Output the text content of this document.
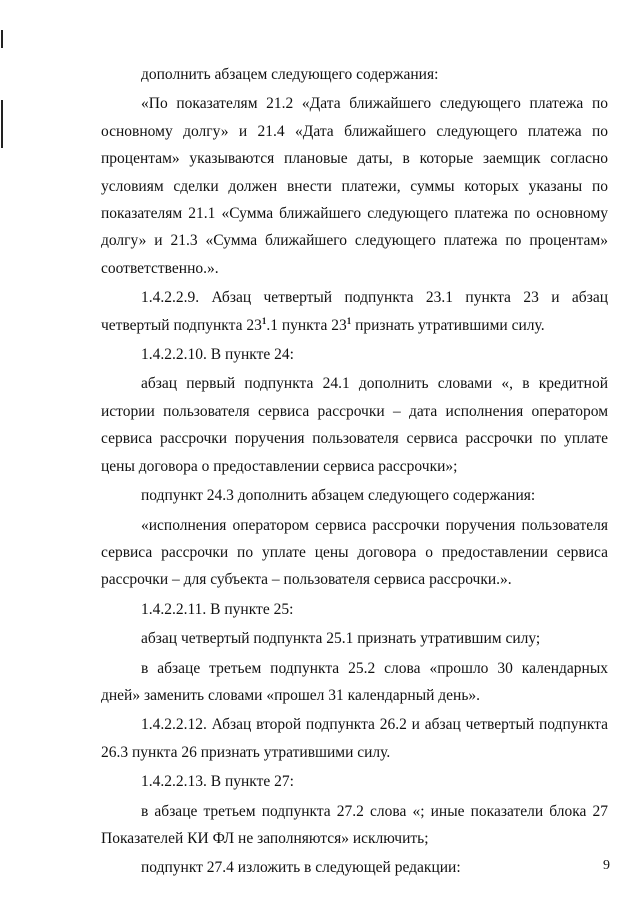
дополнить абзацем следующего содержания:

«По показателям 21.2 «Дата ближайшего следующего платежа по основному долгу» и 21.4 «Дата ближайшего следующего платежа по процентам» указываются плановые даты, в которые заемщик согласно условиям сделки должен внести платежи, суммы которых указаны по показателям 21.1 «Сумма ближайшего следующего платежа по основному долгу» и 21.3 «Сумма ближайшего следующего платежа по процентам» соответственно.».

1.4.2.2.9. Абзац четвертый подпункта 23.1 пункта 23 и абзац четвертый подпункта $23^1.1$ пункта $23^1$ признать утратившими силу.

1.4.2.2.10. В пункте 24:

абзац первый подпункта 24.1 дополнить словами «, в кредитной истории пользователя сервиса рассрочки – дата исполнения оператором сервиса рассрочки поручения пользователя сервиса рассрочки по уплате цены договора о предоставлении сервиса рассрочки»;

подпункт 24.3 дополнить абзацем следующего содержания:

«исполнения оператором сервиса рассрочки поручения пользователя сервиса рассрочки по уплате цены договора о предоставлении сервиса рассрочки – для субъекта – пользователя сервиса рассрочки.».

1.4.2.2.11. В пункте 25:

абзац четвертый подпункта 25.1 признать утратившим силу;

в абзаце третьем подпункта 25.2 слова «прошло 30 календарных дней» заменить словами «прошел 31 календарный день».

1.4.2.2.12. Абзац второй подпункта 26.2 и абзац четвертый подпункта 26.3 пункта 26 признать утратившими силу.

1.4.2.2.13. В пункте 27:

в абзаце третьем подпункта 27.2 слова «; иные показатели блока 27 Показателей КИ ФЛ не заполняются» исключить;

подпункт 27.4 изложить в следующей редакции:	9
